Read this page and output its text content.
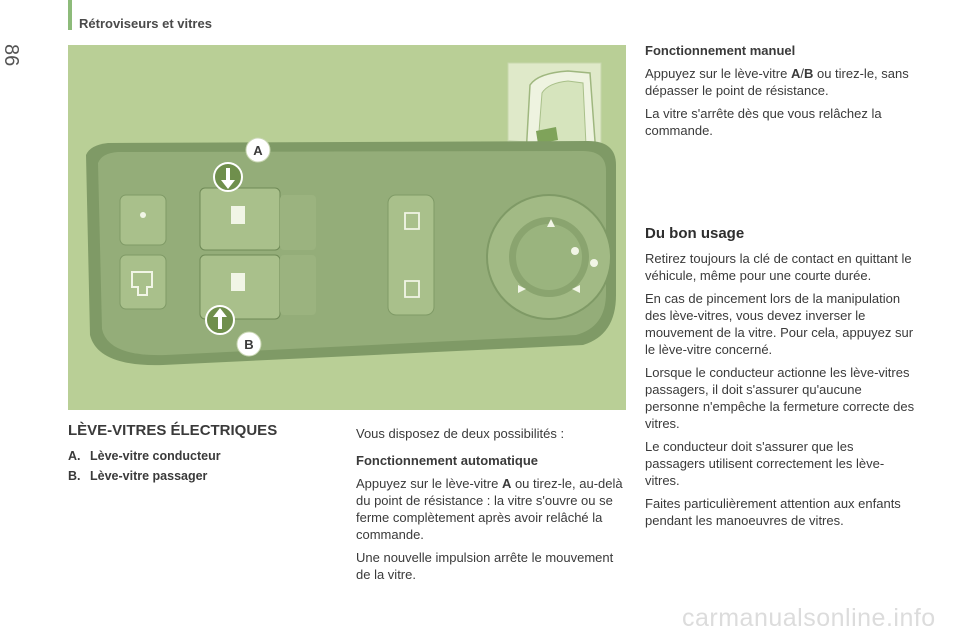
Rétroviseurs et vitres
86
A
B
LÈVE-VITRES ÉLECTRIQUES
A. Lève-vitre conducteur
B. Lève-vitre passager

Vous disposez de deux possibilités :

Fonctionnement automatique

Appuyez sur le lève-vitre A ou tirez-le, au-delà du point de résistance : la vitre s'ouvre ou se ferme complètement après avoir relâché la commande.

Une nouvelle impulsion arrête le mouvement de la vitre.

Fonctionnement manuel

Appuyez sur le lève-vitre A/B ou tirez-le, sans dépasser le point de résistance.

La vitre s'arrête dès que vous relâchez la commande.

Du bon usage

Retirez toujours la clé de contact en quittant le véhicule, même pour une courte durée.

En cas de pincement lors de la manipulation des lève-vitres, vous devez inverser le mouvement de la vitre. Pour cela, appuyez sur le lève-vitre concerné.

Lorsque le conducteur actionne les lève-vitres passagers, il doit s'assurer qu'aucune personne n'empêche la fermeture correcte des vitres.

Le conducteur doit s'assurer que les passagers utilisent correctement les lève-vitres.

Faites particulièrement attention aux enfants pendant les manoeuvres de vitres.

carmanualsonline.info
